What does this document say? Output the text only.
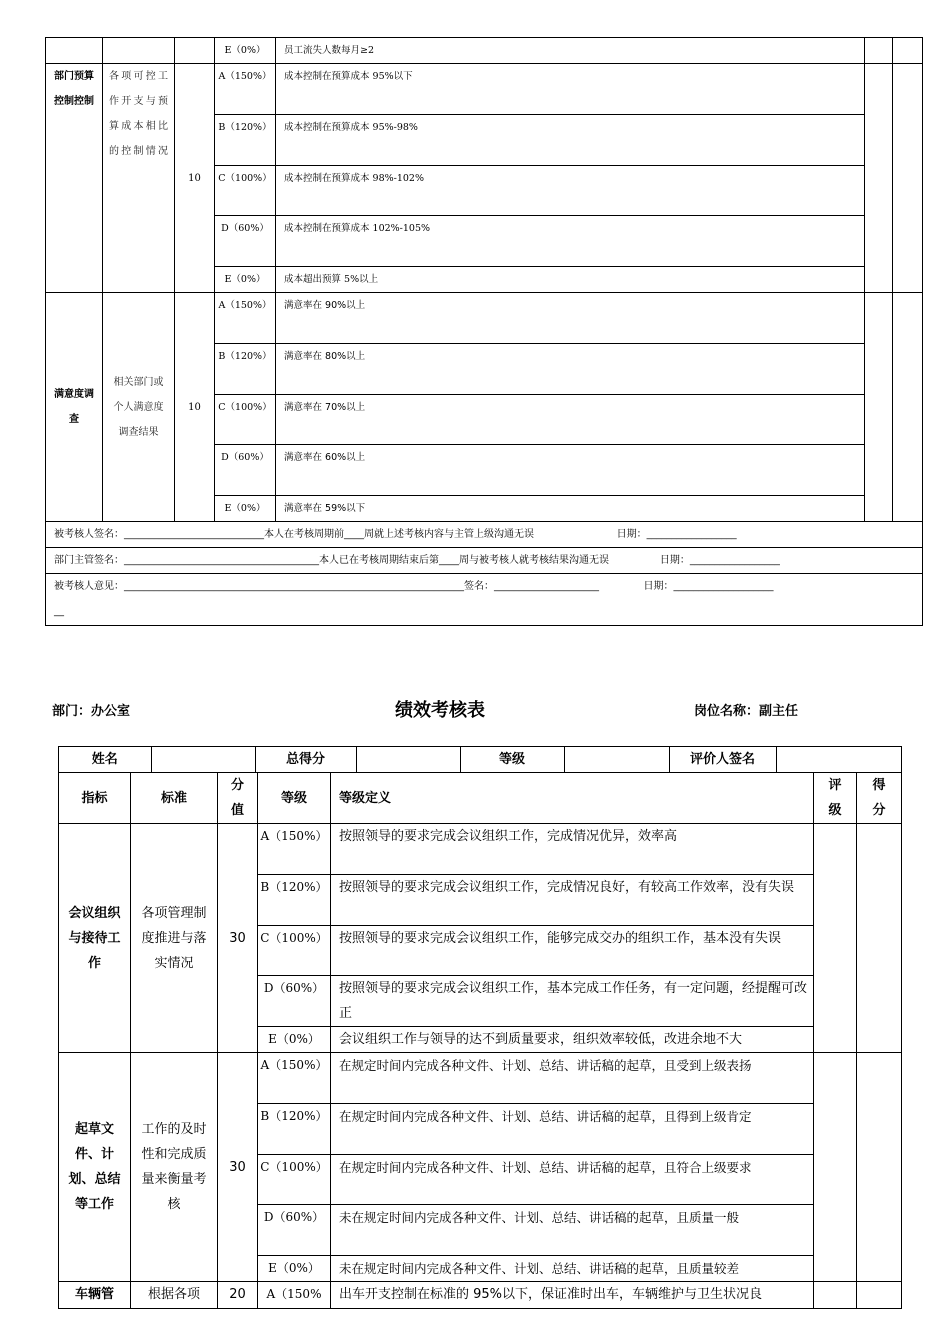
			E（0%）	员工流失人数每月≥2		
部门预算控制控制	各项可控工作开支与预算成本相比的控制情况	10	A（150%）	成本控制在预算成本 95%以下		
			B（120%）	成本控制在预算成本 95%-98%		
			C（100%）	成本控制在预算成本 98%-102%		
			D（60%）	成本控制在预算成本 102%-105%		
			E（0%）	成本超出预算 5%以上		
满意度调查	相关部门或个人满意度调查结果	10	A（150%）	满意率在 90%以上		
			B（120%）	满意率在 80%以上		
			C（100%）	满意率在 70%以上		
			D（60%）	满意率在 60%以上		
			E（0%）	满意率在 59%以下		
被考核人签名：____________________________本人在考核周期前____周就上述考核内容与主管上级沟通无误                          日期：__________________						
部门主管签名：_______________________________________本人已在考核周期结束后第____周与被考核人就考核结果沟通无误                日期：__________________						

被考核人意见：____________________________________________________________________签名：_____________________              日期：____________________
__						
部门：办公室	绩效考核表	岗位名称：副主任
姓名		总得分		等级		评价人签名	

指标	标准	分值	等级	等级定义	评级	得分
会议组织与接待工作	各项管理制度推进与落实情况	30	A（150%）	按照领导的要求完成会议组织工作，完成情况优异，效率高		
B（120%）	按照领导的要求完成会议组织工作，完成情况良好，有较高工作效率，没有失误
C（100%）	按照领导的要求完成会议组织工作，能够完成交办的组织工作，基本没有失误
D（60%）	按照领导的要求完成会议组织工作，基本完成工作任务，有一定问题，经提醒可改正
E（0%）	会议组织工作与领导的达不到质量要求，组织效率较低，改进余地不大
起草文件、计划、总结等工作	工作的及时性和完成质量来衡量考核	30	A（150%）	在规定时间内完成各种文件、计划、总结、讲话稿的起草，且受到上级表扬		
B（120%）	在规定时间内完成各种文件、计划、总结、讲话稿的起草，且得到上级肯定
C（100%）	在规定时间内完成各种文件、计划、总结、讲话稿的起草，且符合上级要求
D（60%）	未在规定时间内完成各种文件、计划、总结、讲话稿的起草，且质量一般
E（0%）	未在规定时间内完成各种文件、计划、总结、讲话稿的起草，且质量较差
车辆管	根据各项	20	A（150%	出车开支控制在标准的 95%以下，保证准时出车，车辆维护与卫生状况良		
